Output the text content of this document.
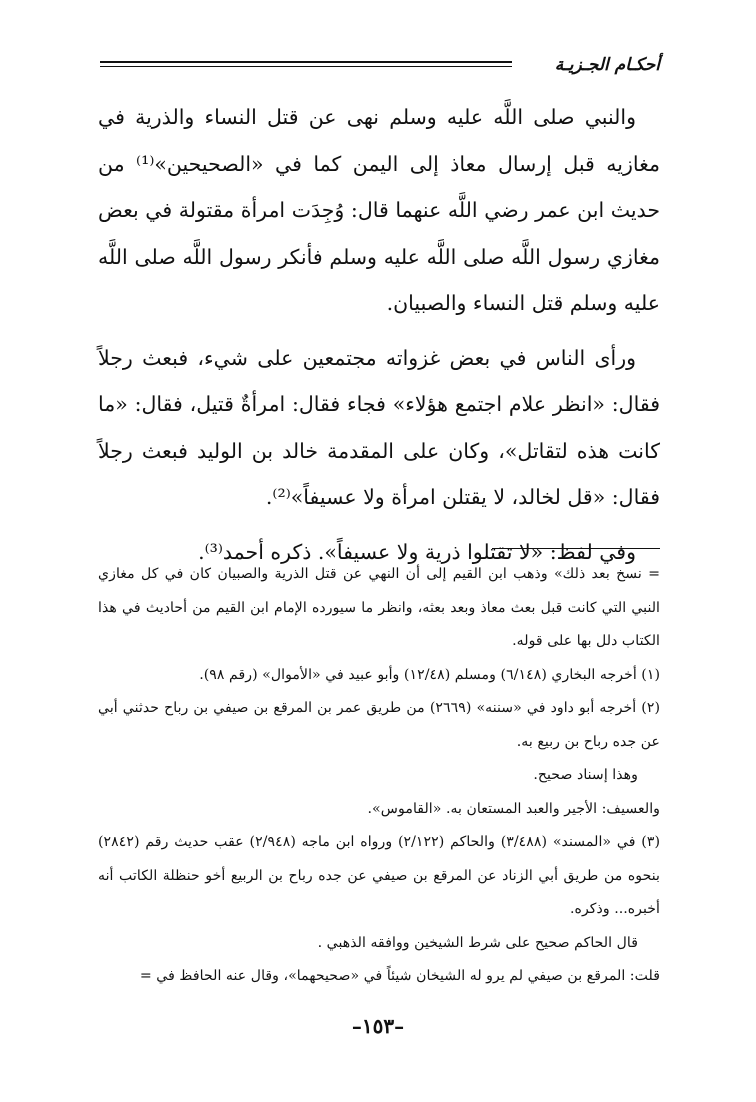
أحكـام الجـزيـة

والنبي صلى اللَّه عليه وسلم نهى عن قتل النساء والذرية في مغازيه قبل إرسال معاذ إلى اليمن كما في «الصحيحين»⁽¹⁾ من حديث ابن عمر رضي اللَّه عنهما قال: وُجِدَت امرأة مقتولة في بعض مغازي رسول اللَّه صلى اللَّه عليه وسلم فأنكر رسول اللَّه صلى اللَّه عليه وسلم قتل النساء والصبيان.

ورأى الناس في بعض غزواته مجتمعين على شيء، فبعث رجلاً فقال: «انظر علام اجتمع هؤلاء» فجاء فقال: امرأةٌ قتيل، فقال: «ما كانت هذه لتقاتل»، وكان على المقدمة خالد بن الوليد فبعث رجلاً فقال: «قل لخالد، لا يقتلن امرأة ولا عسيفاً»⁽²⁾.

وفي لفظ: «لا تقتلوا ذرية ولا عسيفاً». ذكره أحمد⁽³⁾.

= نسخ بعد ذلك» وذهب ابن القيم إلى أن النهي عن قتل الذرية والصبيان كان في كل مغازي النبي التي كانت قبل بعث معاذ وبعد بعثه، وانظر ما سيورده الإمام ابن القيم من أحاديث في هذا الكتاب دلل بها على قوله.

(١) أخرجه البخاري (٦/١٤٨) ومسلم (١٢/٤٨) وأبو عبيد في «الأموال» (رقم ٩٨).

(٢) أخرجه أبو داود في «سننه» (٢٦٦٩) من طريق عمر بن المرقع بن صيفي بن رباح حدثني أبي عن جده رباح بن ربيع به.

وهذا إسناد صحيح.

والعسيف: الأجير والعبد المستعان به. «القاموس».

(٣) في «المسند» (٣/٤٨٨) والحاكم (٢/١٢٢) ورواه ابن ماجه (٢/٩٤٨) عقب حديث رقم (٢٨٤٢) بنحوه من طريق أبي الزناد عن المرقع بن صيفي عن جده رباح بن الربيع أخو حنظلة الكاتب أنه أخبره... وذكره.

قال الحاكم صحيح على شرط الشيخين ووافقه الذهبي .

قلت: المرقع بن صيفي لم يرو له الشيخان شيئاً في «صحيحهما»، وقال عنه الحافظ في =

–١٥٣–
